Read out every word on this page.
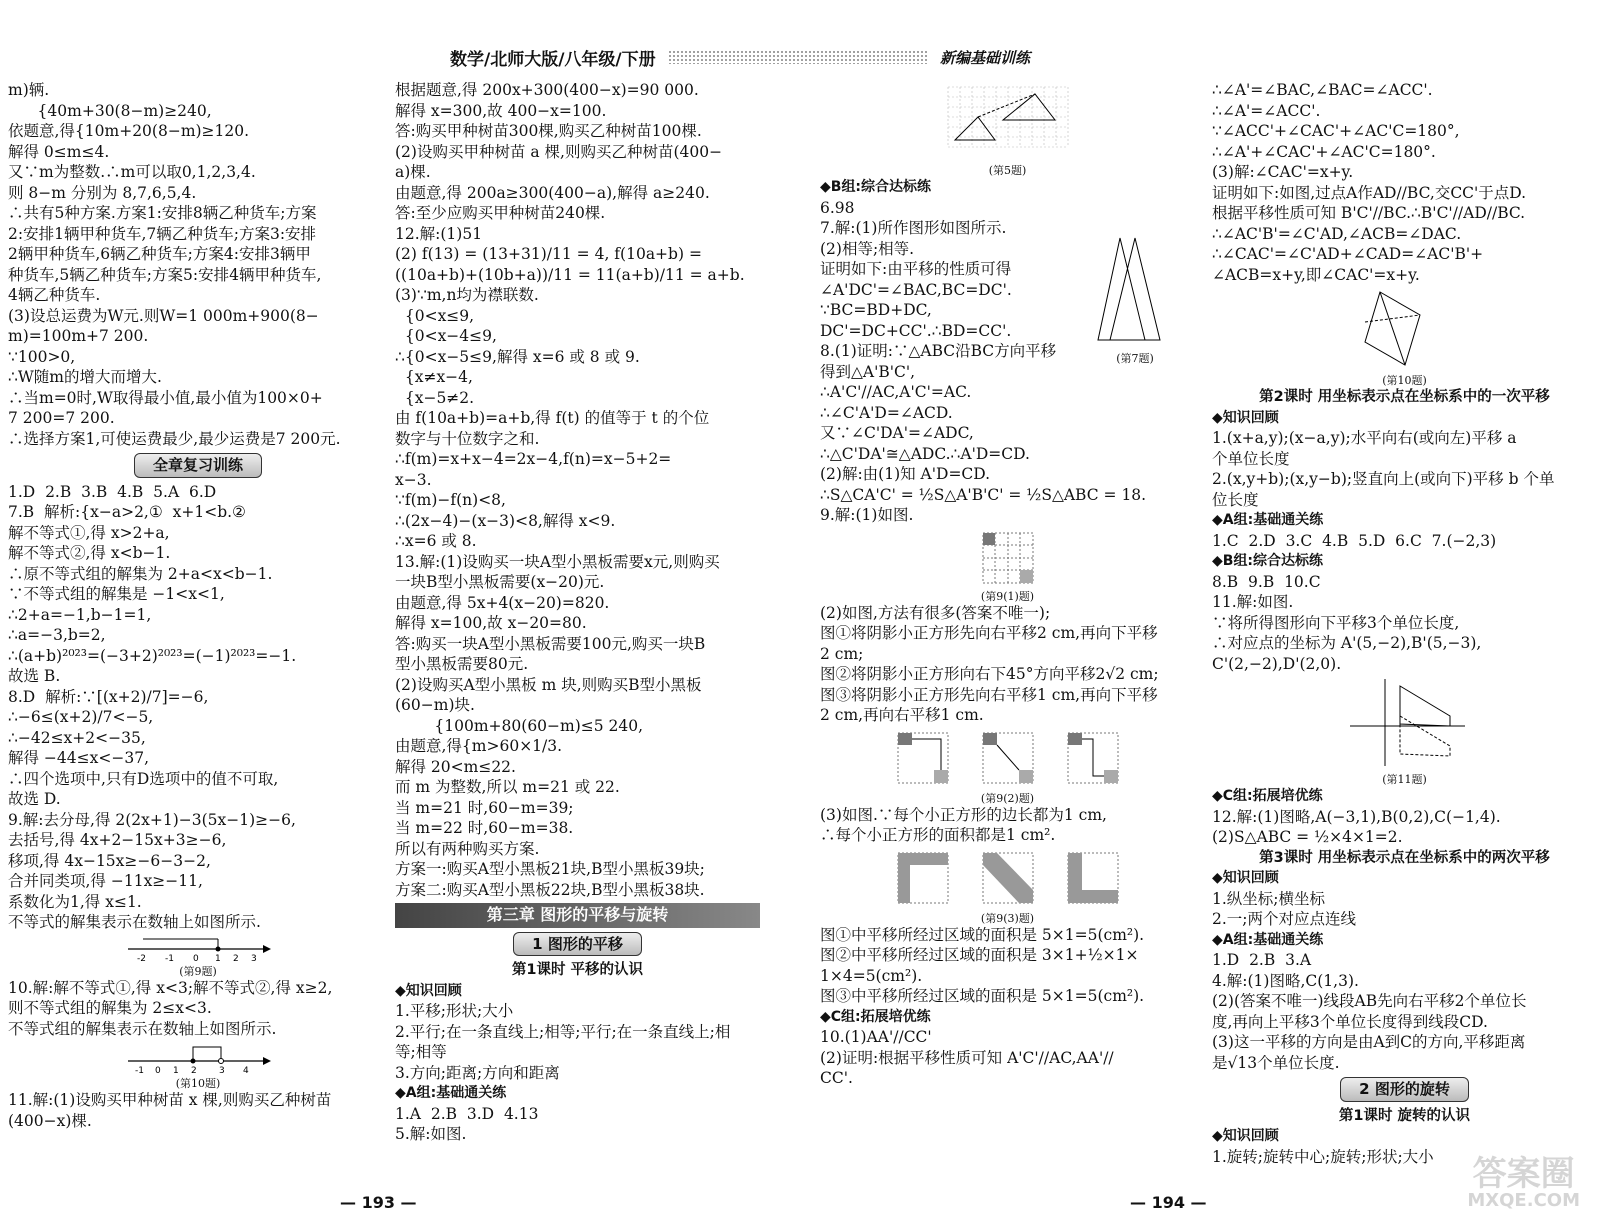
数学/北师大版/八年级/下册	新编基础训练
m)辆.
{40m+30(8−m)≥240,
依题意,得{10m+20(8−m)≥120.
解得 0≤m≤4.
又∵m为整数.∴m可以取0,1,2,3,4.
则 8−m 分别为 8,7,6,5,4.
∴共有5种方案.方案1:安排8辆乙种货车;方案
2:安排1辆甲种货车,7辆乙种货车;方案3:安排
2辆甲种货车,6辆乙种货车;方案4:安排3辆甲
种货车,5辆乙种货车;方案5:安排4辆甲种货车,
4辆乙种货车.
(3)设总运费为W元.则W=1 000m+900(8−
m)=100m+7 200.
∵100>0,
∴W随m的增大而增大.
∴当m=0时,W取得最小值,最小值为100×0+
7 200=7 200.
∴选择方案1,可使运费最少,最少运费是7 200元.
全章复习训练
1.D  2.B  3.B  4.B  5.A  6.D
7.B  解析:{x−a>2,①  x+1<b.②
解不等式①,得 x>2+a,
解不等式②,得 x<b−1.
∴原不等式组的解集为 2+a<x<b−1.
∵不等式组的解集是 −1<x<1,
∴2+a=−1,b−1=1,
∴a=−3,b=2,
∴(a+b)²⁰²³=(−3+2)²⁰²³=(−1)²⁰²³=−1.
故选 B.
8.D  解析:∵[(x+2)/7]=−6,
∴−6≤(x+2)/7<−5,
∴−42≤x+2<−35,
解得 −44≤x<−37,
∴四个选项中,只有D选项中的值不可取,
故选 D.
9.解:去分母,得 2(2x+1)−3(5x−1)≥−6,
去括号,得 4x+2−15x+3≥−6,
移项,得 4x−15x≥−6−3−2,
合并同类项,得 −11x≥−11,
系数化为1,得 x≤1.
不等式的解集表示在数轴上如图所示.
-2 -1 0 1 2 3
(第9题)
10.解:解不等式①,得 x<3;解不等式②,得 x≥2,
则不等式组的解集为 2≤x<3.
不等式组的解集表示在数轴上如图所示.
-1 0 1 2 3 4
(第10题)
11.解:(1)设购买甲种树苗 x 棵,则购买乙种树苗
(400−x)棵.
根据题意,得 200x+300(400−x)=90 000.
解得 x=300,故 400−x=100.
答:购买甲种树苗300棵,购买乙种树苗100棵.
(2)设购买甲种树苗 a 棵,则购买乙种树苗(400−
a)棵.
由题意,得 200a≥300(400−a),解得 a≥240.
答:至少应购买甲种树苗240棵.
12.解:(1)51
(2) f(13) = (13+31)/11 = 4, f(10a+b) =
((10a+b)+(10b+a))/11 = 11(a+b)/11 = a+b.
(3)∵m,n均为襟联数.
{0<x≤9,
{0<x−4≤9,
∴{0<x−5≤9,解得 x=6 或 8 或 9.
{x≠x−4,
{x−5≠2.
由 f(10a+b)=a+b,得 f(t) 的值等于 t 的个位
数字与十位数字之和.
∴f(m)=x+x−4=2x−4,f(n)=x−5+2=
x−3.
∵f(m)−f(n)<8,
∴(2x−4)−(x−3)<8,解得 x<9.
∴x=6 或 8.
13.解:(1)设购买一块A型小黑板需要x元,则购买
一块B型小黑板需要(x−20)元.
由题意,得 5x+4(x−20)=820.
解得 x=100,故 x−20=80.
答:购买一块A型小黑板需要100元,购买一块B
型小黑板需要80元.
(2)设购买A型小黑板 m 块,则购买B型小黑板
(60−m)块.
{100m+80(60−m)≤5 240,
由题意,得{m>60×1/3.
解得 20<m≤22.
而 m 为整数,所以 m=21 或 22.
当 m=21 时,60−m=39;
当 m=22 时,60−m=38.
所以有两种购买方案.
方案一:购买A型小黑板21块,B型小黑板39块;
方案二:购买A型小黑板22块,B型小黑板38块.
第三章 图形的平移与旋转
1 图形的平移
第1课时 平移的认识
◆知识回顾
1.平移;形状;大小
2.平行;在一条直线上;相等;平行;在一条直线上;相
等;相等
3.方向;距离;方向和距离
◆A组:基础通关练
1.A  2.B  3.D  4.13
5.解:如图.
(第5题)
◆B组:综合达标练
6.98
7.解:(1)所作图形如图所示.
(2)相等;相等.
证明如下:由平移的性质可得
∠A'DC'=∠BAC,BC=DC'.
∵BC=BD+DC,
DC'=DC+CC'.∴BD=CC'.
(第7题)
8.(1)证明:∵△ABC沿BC方向平移
得到△A'B'C',
∴A'C'//AC,A'C'=AC.
∴∠C'A'D=∠ACD.
又∵∠C'DA'=∠ADC,
∴△C'DA'≅△ADC.∴A'D=CD.
(2)解:由(1)知 A'D=CD.
∴S△CA'C' = ½S△A'B'C' = ½S△ABC = 18.
9.解:(1)如图.
(第9(1)题)
(2)如图,方法有很多(答案不唯一);
图①将阴影小正方形先向右平移2 cm,再向下平移
2 cm;
图②将阴影小正方形向右下45°方向平移2√2 cm;
图③将阴影小正方形先向右平移1 cm,再向下平移
2 cm,再向右平移1 cm.
(第9(2)题)
(3)如图.∵每个小正方形的边长都为1 cm,
∴每个小正方形的面积都是1 cm².
(第9(3)题)
图①中平移所经过区域的面积是 5×1=5(cm²).
图②中平移所经过区域的面积是 3×1+½×1×
1×4=5(cm²).
图③中平移所经过区域的面积是 5×1=5(cm²).
◆C组:拓展培优练
10.(1)AA'//CC'
(2)证明:根据平移性质可知 A'C'//AC,AA'//
CC'.
∴∠A'=∠BAC,∠BAC=∠ACC'.
∴∠A'=∠ACC'.
∵∠ACC'+∠CAC'+∠AC'C=180°,
∴∠A'+∠CAC'+∠AC'C=180°.
(3)解:∠CAC'=x+y.
证明如下:如图,过点A作AD//BC,交CC'于点D.
根据平移性质可知 B'C'//BC.∴B'C'//AD//BC.
∴∠AC'B'=∠C'AD,∠ACB=∠DAC.
∴∠CAC'=∠C'AD+∠CAD=∠AC'B'+
∠ACB=x+y,即∠CAC'=x+y.
(第10题)
第2课时 用坐标表示点在坐标系中的一次平移
◆知识回顾
1.(x+a,y);(x−a,y);水平向右(或向左)平移 a
个单位长度
2.(x,y+b);(x,y−b);竖直向上(或向下)平移 b 个单
位长度
◆A组:基础通关练
1.C  2.D  3.C  4.B  5.D  6.C  7.(−2,3)
◆B组:综合达标练
8.B  9.B  10.C
11.解:如图.
∵将所得图形向下平移3个单位长度,
∴对应点的坐标为 A'(5,−2),B'(5,−3),
C'(2,−2),D'(2,0).
(第11题)
◆C组:拓展培优练
12.解:(1)图略,A(−3,1),B(0,2),C(−1,4).
(2)S△ABC = ½×4×1=2.
第3课时 用坐标表示点在坐标系中的两次平移
◆知识回顾
1.纵坐标;横坐标
2.一;两个对应点连线
◆A组:基础通关练
1.D  2.B  3.A
4.解:(1)图略,C(1,3).
(2)(答案不唯一)线段AB先向右平移2个单位长
度,再向上平移3个单位长度得到线段CD.
(3)这一平移的方向是由A到C的方向,平移距离
是√13个单位长度.
2 图形的旋转
第1课时 旋转的认识
◆知识回顾
1.旋转;旋转中心;旋转;形状;大小
— 193 —	— 194 —
答案圈
MXQE.COM
